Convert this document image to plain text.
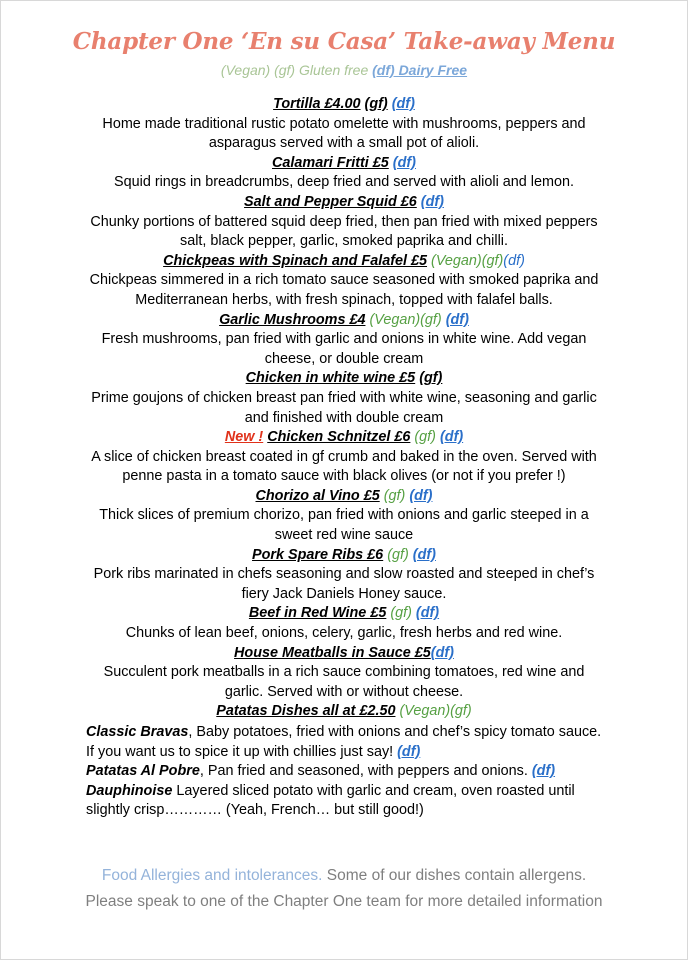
Chapter One ‘En su Casa’ Take-away Menu
(Vegan) (gf) Gluten free (df) Dairy Free
Tortilla £4.00 (gf) (df)
Home made traditional rustic potato omelette with mushrooms, peppers and asparagus served with a small pot of alioli.
Calamari Fritti £5 (df)
Squid rings in breadcrumbs, deep fried and served with alioli and lemon.
Salt and Pepper Squid £6 (df)
Chunky portions of battered squid deep fried, then pan fried with mixed peppers salt, black pepper, garlic, smoked paprika and chilli.
Chickpeas with Spinach and Falafel £5 (Vegan)(gf)(df)
Chickpeas simmered in a rich tomato sauce seasoned with smoked paprika and Mediterranean herbs, with fresh spinach, topped with falafel balls.
Garlic Mushrooms £4 (Vegan)(gf) (df)
Fresh mushrooms, pan fried with garlic and onions in white wine. Add vegan cheese, or double cream
Chicken in white wine £5 (gf)
Prime goujons of chicken breast pan fried with white wine, seasoning and garlic and finished with double cream
New ! Chicken Schnitzel £6 (gf) (df)
A slice of chicken breast coated in gf crumb and baked in the oven. Served with penne pasta in a tomato sauce with black olives (or not if you prefer !)
Chorizo al Vino £5 (gf) (df)
Thick slices of premium chorizo, pan fried with onions and garlic steeped in a sweet red wine sauce
Pork Spare Ribs £6 (gf) (df)
Pork ribs marinated in chefs seasoning and slow roasted and steeped in chef’s fiery Jack Daniels Honey sauce.
Beef in Red Wine £5 (gf) (df)
Chunks of lean beef, onions, celery, garlic, fresh herbs and red wine.
House Meatballs in Sauce £5(df)
Succulent pork meatballs in a rich sauce combining tomatoes, red wine and garlic. Served with or without cheese.
Patatas Dishes all at £2.50 (Vegan)(gf)
Classic Bravas, Baby potatoes, fried with onions and chef’s spicy tomato sauce. If you want us to spice it up with chillies just say! (df)
Patatas Al Pobre, Pan fried and seasoned, with peppers and onions. (df)
Dauphinoise Layered sliced potato with garlic and cream, oven roasted until slightly crisp………… (Yeah, French… but still good!)
Food Allergies and intolerances. Some of our dishes contain allergens. Please speak to one of the Chapter One team for more detailed information
